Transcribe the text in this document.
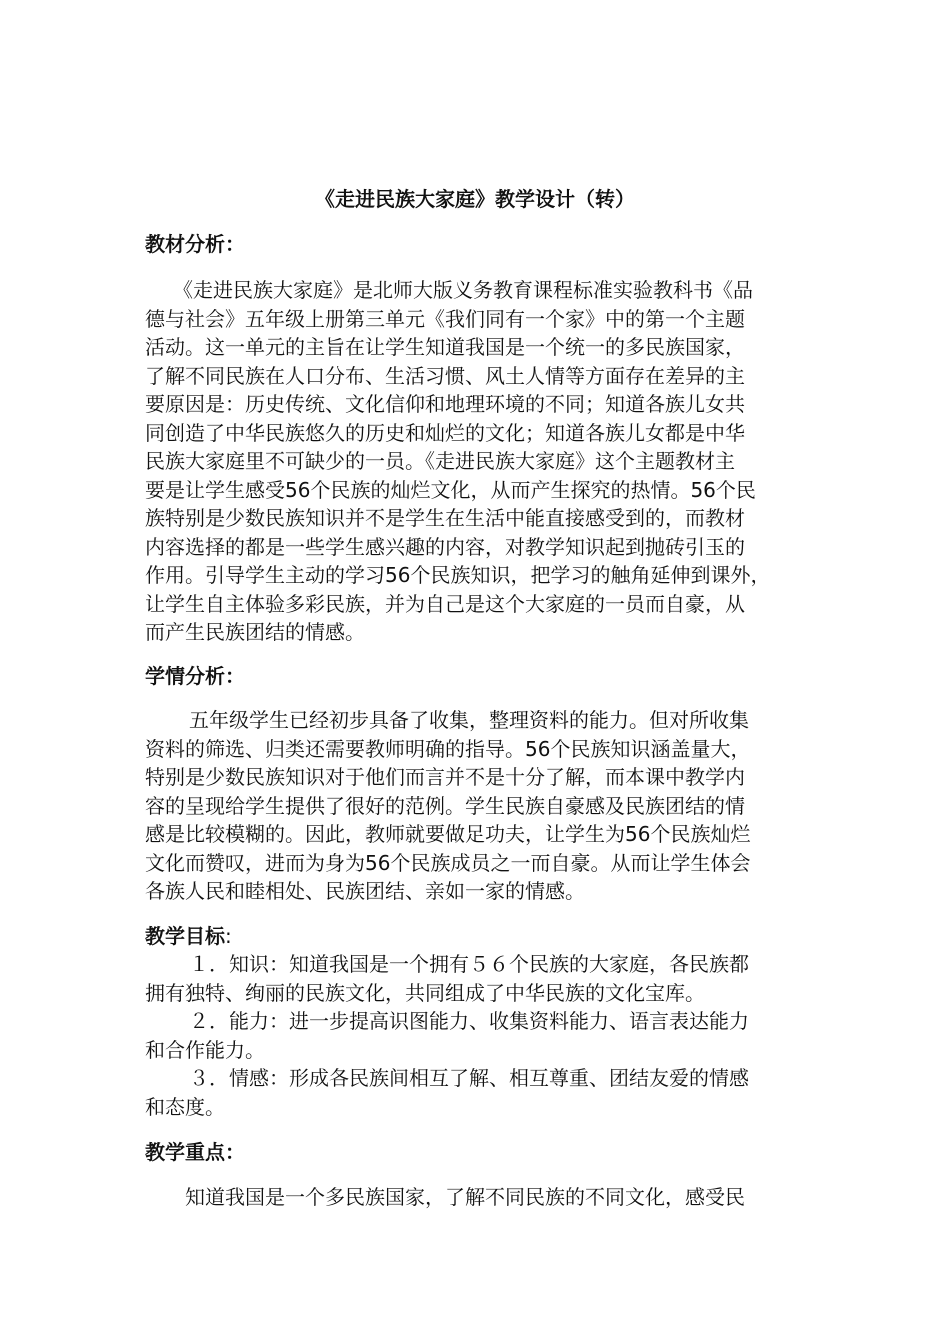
《走进民族大家庭》教学设计（转）
教材分析：
《走进民族大家庭》是北师大版义务教育课程标准实验教科书《品
德与社会》五年级上册第三单元《我们同有一个家》中的第一个主题
活动。这一单元的主旨在让学生知道我国是一个统一的多民族国家，
了解不同民族在人口分布、生活习惯、风土人情等方面存在差异的主
要原因是：历史传统、文化信仰和地理环境的不同；知道各族儿女共
同创造了中华民族悠久的历史和灿烂的文化；知道各族儿女都是中华
民族大家庭里不可缺少的一员。《走进民族大家庭》这个主题教材主
要是让学生感受56个民族的灿烂文化，从而产生探究的热情。56个民
族特别是少数民族知识并不是学生在生活中能直接感受到的，而教材
内容选择的都是一些学生感兴趣的内容，对教学知识起到抛砖引玉的
作用。引导学生主动的学习56个民族知识，把学习的触角延伸到课外，
让学生自主体验多彩民族，并为自己是这个大家庭的一员而自豪，从
而产生民族团结的情感。
学情分析：
五年级学生已经初步具备了收集，整理资料的能力。但对所收集
资料的筛选、归类还需要教师明确的指导。56个民族知识涵盖量大，
特别是少数民族知识对于他们而言并不是十分了解，而本课中教学内
容的呈现给学生提供了很好的范例。学生民族自豪感及民族团结的情
感是比较模糊的。因此，教师就要做足功夫，让学生为56个民族灿烂
文化而赞叹，进而为身为56个民族成员之一而自豪。从而让学生体会
各族人民和睦相处、民族团结、亲如一家的情感。
教学目标:
１．知识：知道我国是一个拥有５６个民族的大家庭，各民族都
拥有独特、绚丽的民族文化，共同组成了中华民族的文化宝库。
２．能力：进一步提高识图能力、收集资料能力、语言表达能力
和合作能力。
３．情感：形成各民族间相互了解、相互尊重、团结友爱的情感
和态度。
教学重点：
知道我国是一个多民族国家，了解不同民族的不同文化，感受民
